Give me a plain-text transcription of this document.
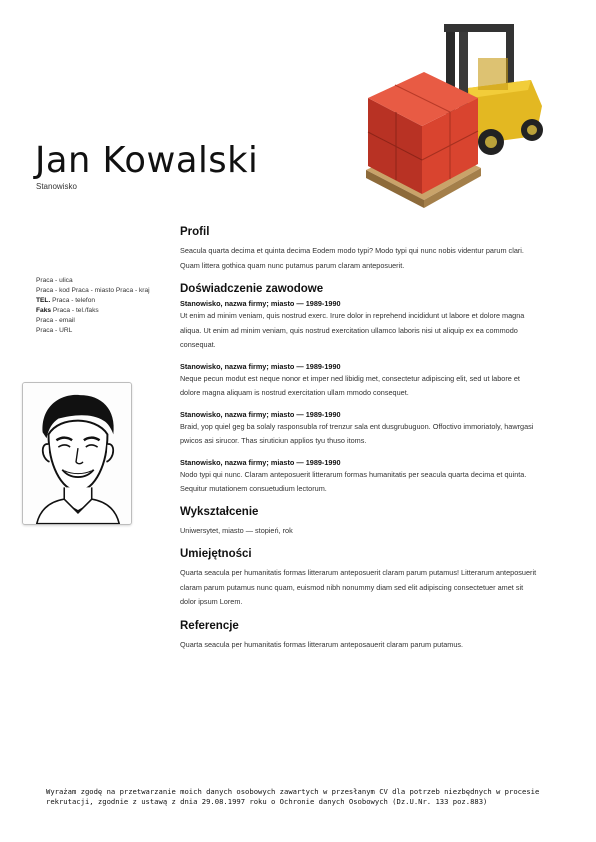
Jan Kowalski
Stanowisko
Praca - ulica
Praca - kod Praca - miasto Praca - kraj
TEL. Praca - telefon
Faks Praca - tel./faks
Praca - email
Praca - URL
Profil
Seacula quarta decima et quinta decima Eodem modo typi? Modo typi qui nunc nobis videntur parum clari. Quam littera gothica quam nunc putamus parum claram anteposuerit.
Doświadczenie zawodowe
Stanowisko, nazwa firmy; miasto — 1989-1990
Ut enim ad minim veniam, quis nostrud exerc. Irure dolor in reprehend incididunt ut labore et dolore magna aliqua. Ut enim ad minim veniam, quis nostrud exercitation ullamco laboris nisi ut aliquip ex ea commodo consequat.
Stanowisko, nazwa firmy; miasto — 1989-1990
Neque pecun modut est neque nonor et imper ned libidig met, consectetur adipiscing elit, sed ut labore et dolore magna aliquam is nostrud exercitation ullam mmodo consequet.
Stanowisko, nazwa firmy; miasto — 1989-1990
Braid, yop quiel geg ba solaly rasponsubla rof trenzur sala ent dusgrubuguon. Offoctivo immoriatoly, hawrgasi pwicos asi sirucor. Thas siruticiun applios tyu thuso itoms.
Stanowisko, nazwa firmy; miasto — 1989-1990
Nodo typi qui nunc. Claram anteposuerit litterarum formas humanitatis per seacula quarta decima et quinta. Sequitur mutationem consuetudium lectorum.
Wykształcenie
Uniwersytet, miasto — stopień, rok
Umiejętności
Quarta seacula per humanitatis formas litterarum anteposuerit claram parum putamus! Litterarum anteposuerit claram parum putamus nunc quam, euismod nibh nonummy diam sed elit adipiscing consectetuer amet sit dolor ipsum Lorem.
Referencje
Quarta seacula per humanitatis formas litterarum anteposauerit claram parum putamus.
Wyrażam zgodę na przetwarzanie moich danych osobowych zawartych w przesłanym CV dla potrzeb niezbędnych w procesie rekrutacji, zgodnie z ustawą z dnia 29.08.1997 roku o Ochronie danych Osobowych (Dz.U.Nr. 133 poz.883)
